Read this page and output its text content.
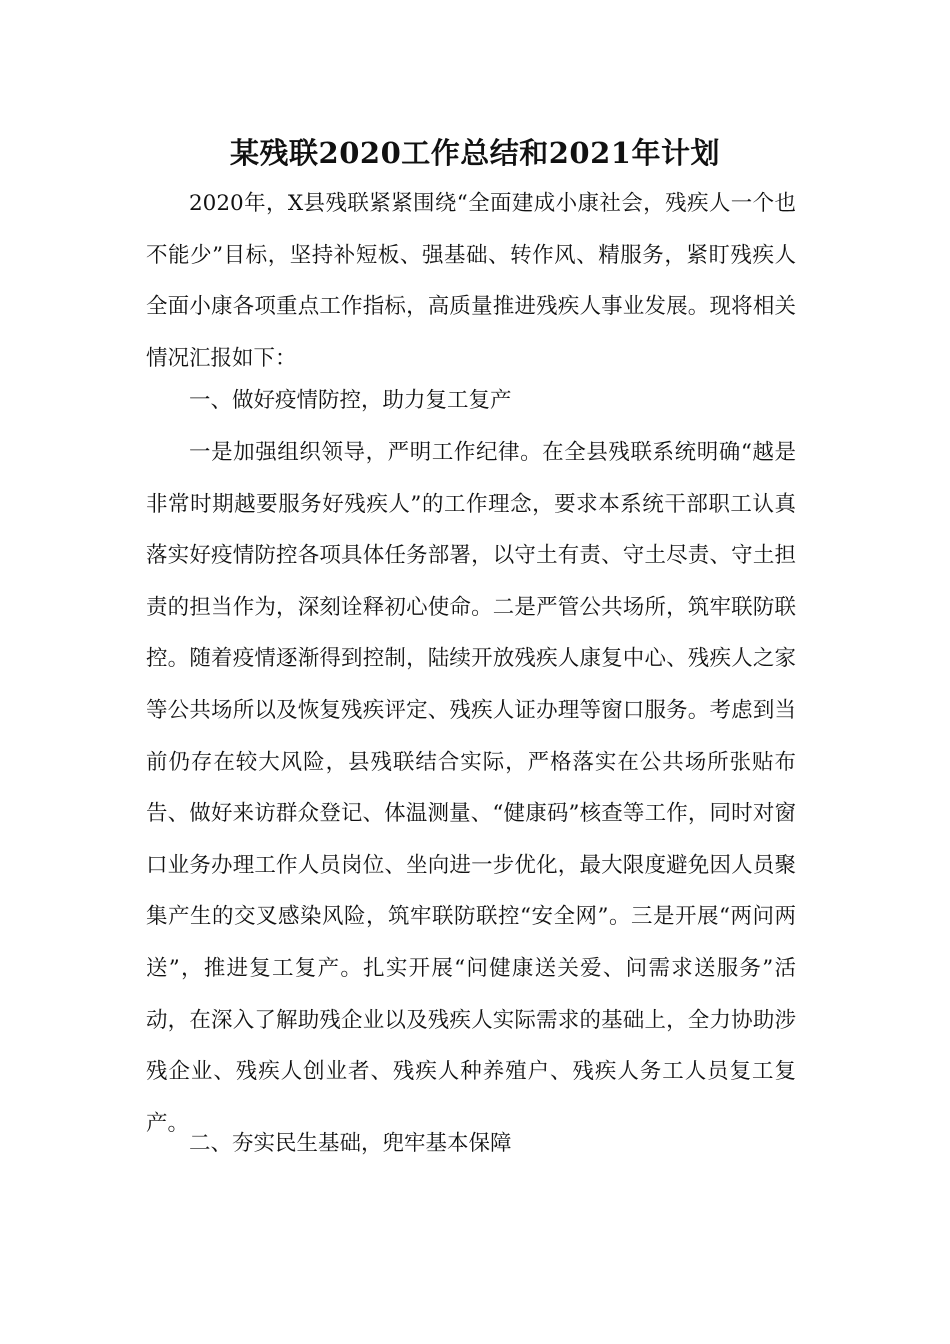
某残联2020工作总结和2021年计划

2020年，X县残联紧紧围绕“全面建成小康社会，残疾人一个也不能少”目标，坚持补短板、强基础、转作风、精服务，紧盯残疾人全面小康各项重点工作指标，高质量推进残疾人事业发展。现将相关情况汇报如下：

一、做好疫情防控，助力复工复产

一是加强组织领导，严明工作纪律。在全县残联系统明确“越是非常时期越要服务好残疾人”的工作理念，要求本系统干部职工认真落实好疫情防控各项具体任务部署，以守土有责、守土尽责、守土担责的担当作为，深刻诠释初心使命。二是严管公共场所，筑牢联防联控。随着疫情逐渐得到控制，陆续开放残疾人康复中心、残疾人之家等公共场所以及恢复残疾评定、残疾人证办理等窗口服务。考虑到当前仍存在较大风险，县残联结合实际，严格落实在公共场所张贴布告、做好来访群众登记、体温测量、“健康码”核查等工作，同时对窗口业务办理工作人员岗位、坐向进一步优化，最大限度避免因人员聚集产生的交叉感染风险，筑牢联防联控“安全网”。三是开展“两问两送”，推进复工复产。扎实开展“问健康送关爱、问需求送服务”活动，在深入了解助残企业以及残疾人实际需求的基础上，全力协助涉残企业、残疾人创业者、残疾人种养殖户、残疾人务工人员复工复产。

二、夯实民生基础，兜牢基本保障
